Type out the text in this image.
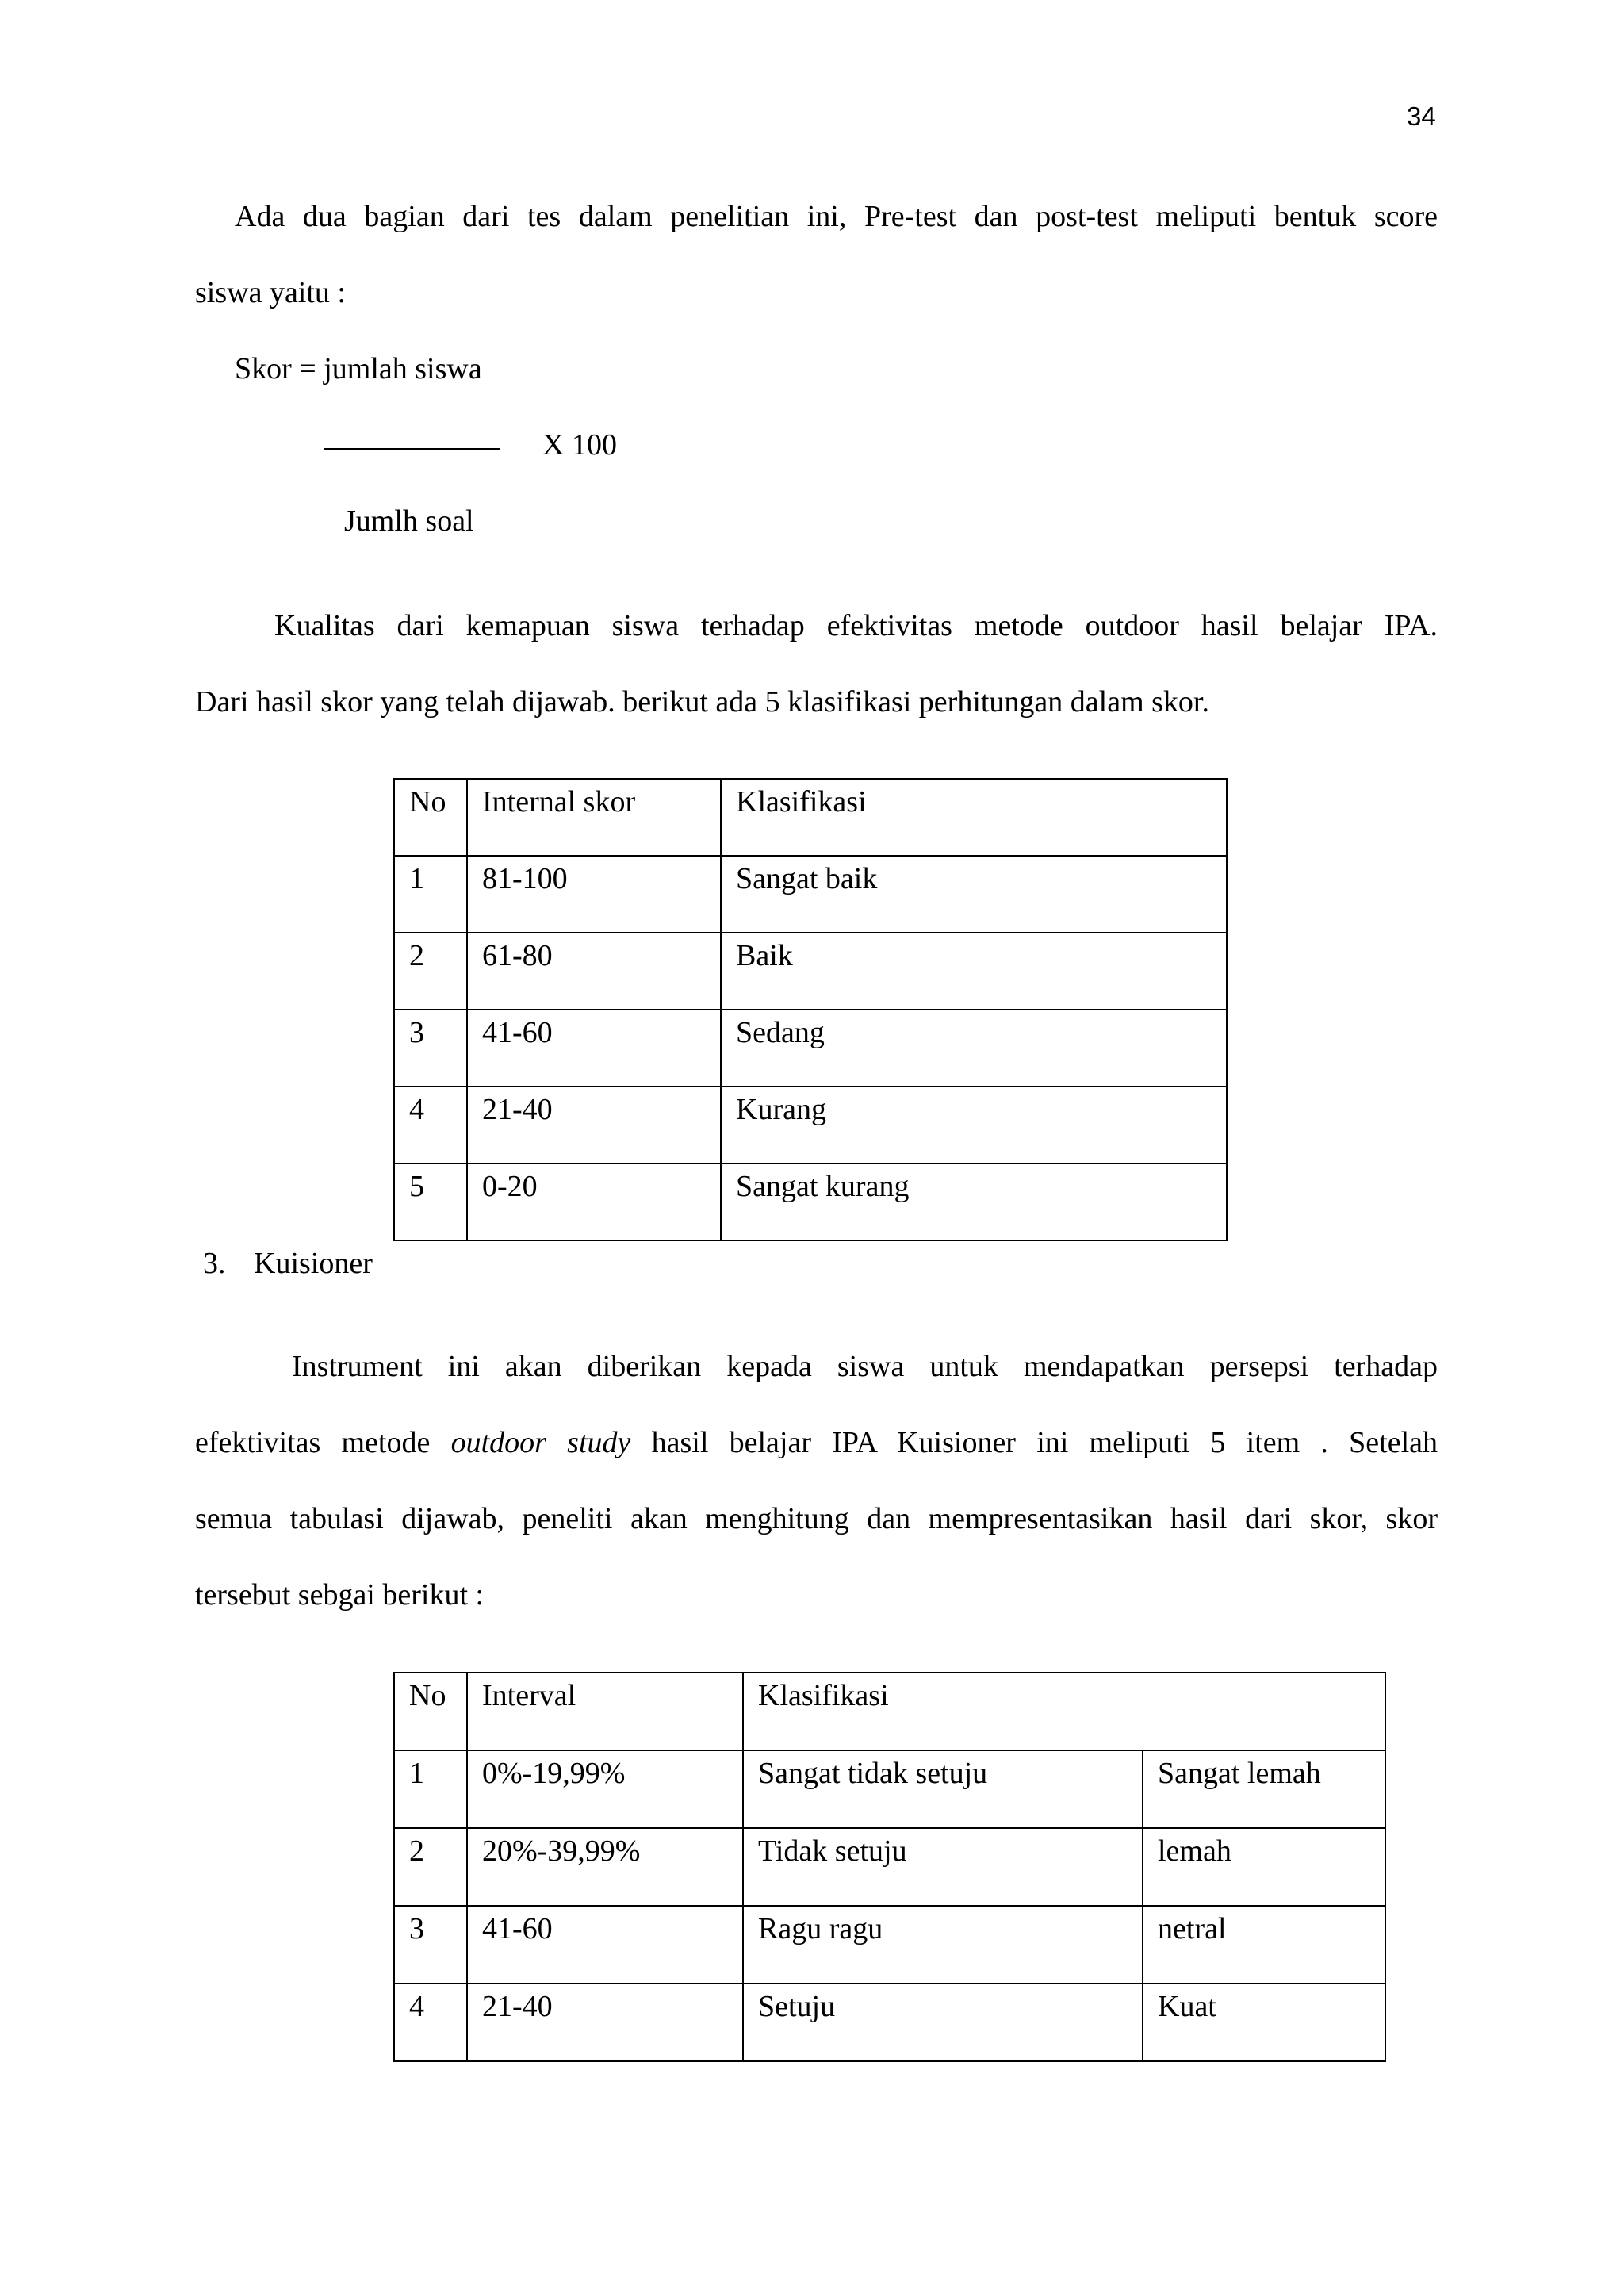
34
Ada dua bagian dari tes dalam penelitian ini, Pre-test dan post-test meliputi bentuk score
siswa yaitu :
Skor = jumlah siswa
X 100
Jumlh soal
Kualitas dari kemapuan siswa terhadap efektivitas metode outdoor hasil belajar IPA.
Dari hasil skor yang telah dijawab. berikut ada 5 klasifikasi perhitungan dalam skor.
No	Internal skor	Klasifikasi
1	81-100	Sangat baik
2	61-80	Baik
3	41-60	Sedang
4	21-40	Kurang
5	0-20	Sangat kurang
3. Kuisioner
Instrument ini akan diberikan kepada siswa untuk mendapatkan persepsi terhadap
efektivitas metode outdoor study hasil belajar IPA Kuisioner ini meliputi 5 item . Setelah
semua tabulasi dijawab, peneliti akan menghitung dan mempresentasikan hasil dari skor, skor
tersebut sebgai berikut :
No	Interval	Klasifikasi	
1	0%-19,99%	Sangat tidak setuju	Sangat lemah
2	20%-39,99%	Tidak setuju	lemah
3	41-60	Ragu ragu	netral
4	21-40	Setuju	Kuat
